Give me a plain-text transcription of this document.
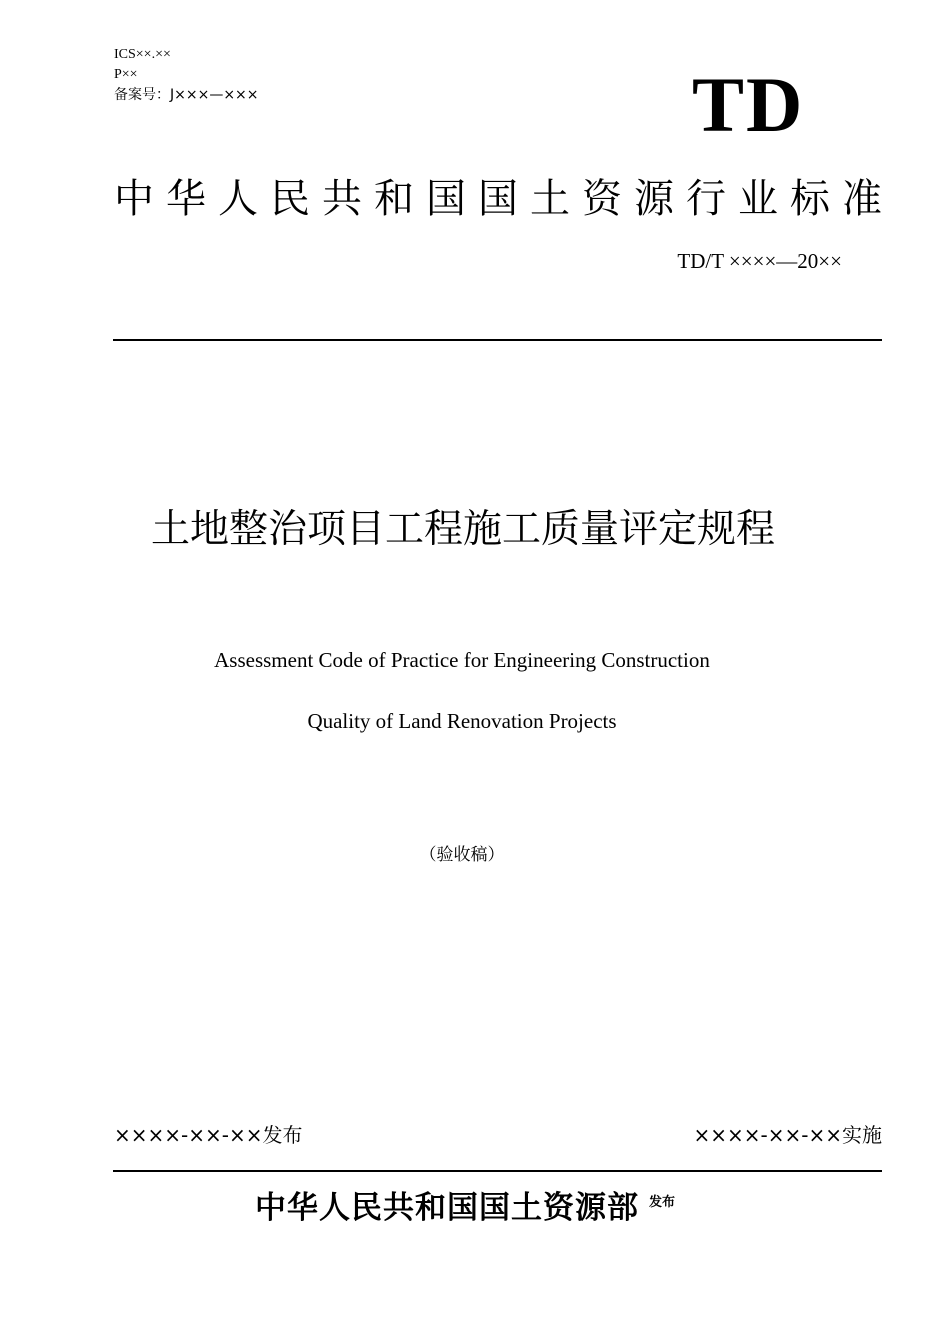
ICS××.××
P××
备案号：J×××—×××	TD
中 华 人 民 共 和 国 国 土 资 源 行 业 标 准
TD/T ××××—20××
土地整治项目工程施工质量评定规程
Assessment Code of Practice for Engineering Construction
Quality of Land Renovation Projects
（验收稿）
××××-××-××发布	××××-××-××实施
中华人民共和国国土资源部 $^{发布}$
